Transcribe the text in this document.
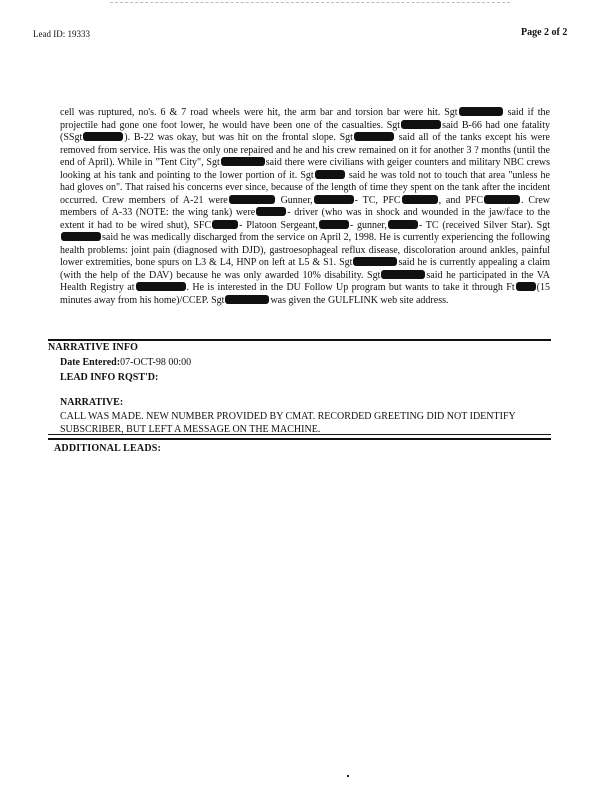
Lead ID: 19333	Page 2 of 2
cell was ruptured, no's. 6 & 7 road wheels were hit, the arm bar and torsion bar were hit. Sgt	said if the projectile had gone one foot lower, he would have been one of the casualties. Sgt	said B-66 had one fatality (SSgt	). B-22 was okay, but was hit on the frontal slope. Sgt	said all of the tanks except his were removed from service. His was the only one repaired and he and his crew remained on it for another 3 ? months (until the end of April). While in "Tent City", Sgt	said there were civilians with geiger counters and military NBC crews looking at his tank and pointing to the lower portion of it. Sgt	said he was told not to touch that area "unless he had gloves on". That raised his concerns ever since, because of the length of time they spent on the tank after the incident occurred. Crew members of A-21 were	Gunner,	- TC, PFC	, and PFC	. Crew members of A-33 (NOTE: the wing tank) were	- driver (who was in shock and wounded in the jaw/face to the extent it had to be wired shut), SFC	- Platoon Sergeant,	- gunner,	- TC (received Silver Star). Sgtsaid he was medically discharged from the service on April 2, 1998. He is currently experiencing the following health problems: joint pain (diagnosed with DJD), gastroesophageal reflux disease, discoloration around ankles, painful lower extremities, bone spurs on L3 & L4, HNP on left at L5 & S1. Sgt	said he is currently appealing a claim (with the help of the DAV) because he was only awarded 10% disability. Sgt	said he participated in the VA Health Registry at	. He is interested in the DU Follow Up program but wants to take it through Ft (15 minutes away from his home)/CCEP. Sgt	was given the GULFLINK web site address.
NARRATIVE INFO
Date Entered:07-OCT-98 00:00
LEAD INFO RQST'D:
NARRATIVE:
CALL WAS MADE. NEW NUMBER PROVIDED BY CMAT. RECORDED GREETING DID NOT IDENTIFY SUBSCRIBER, BUT LEFT A MESSAGE ON THE MACHINE.
ADDITIONAL LEADS:
